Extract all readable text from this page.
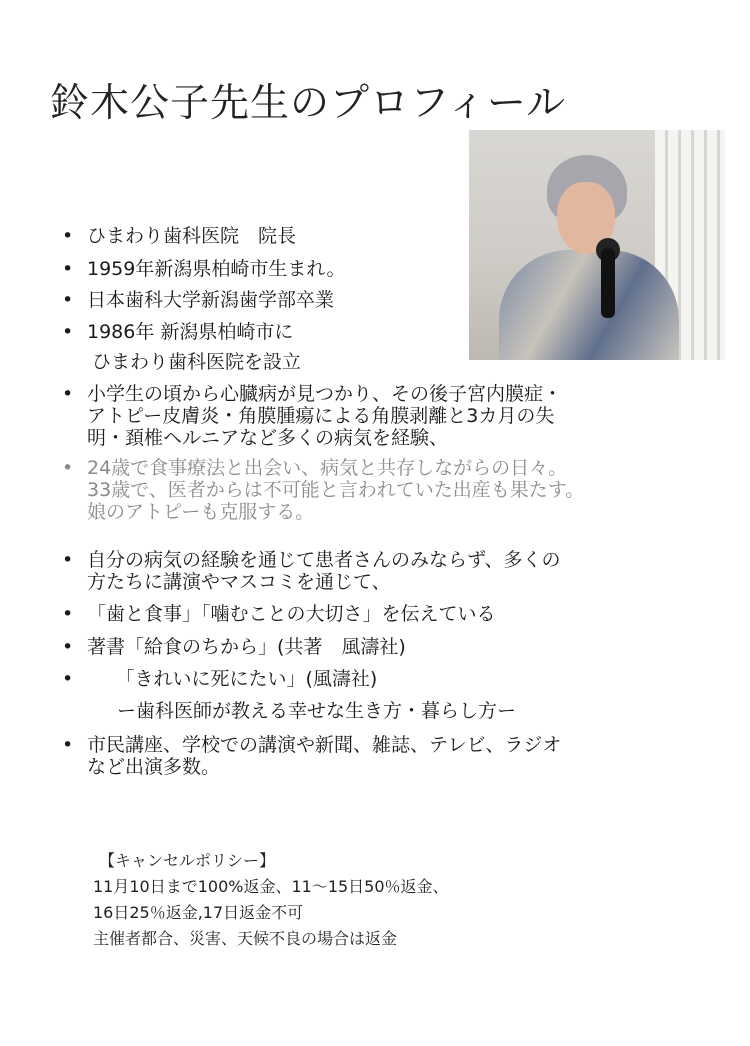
鈴木公子先生のプロフィール
• ひまわり歯科医院　院長
• 1959年新潟県柏崎市生まれ。
• 日本歯科大学新潟歯学部卒業
• 1986年 新潟県柏崎市に
ひまわり歯科医院を設立
• 小学生の頃から心臓病が見つかり、その後子宮内膜症・
アトピー皮膚炎・角膜腫瘍による角膜剥離と3カ月の失
明・頚椎ヘルニアなど多くの病気を経験、
• 24歳で食事療法と出会い、病気と共存しながらの日々。
33歳で、医者からは不可能と言われていた出産も果たす。
娘のアトピーも克服する。
• 自分の病気の経験を通じて患者さんのみならず、多くの
方たちに講演やマスコミを通じて、
• 「歯と食事」「噛むことの大切さ」を伝えている
• 著書「給食のちから」(共著　風濤社)
• 　　「きれいに死にたい」(風濤社)
　ー歯科医師が教える幸せな生き方・暮らし方ー
• 市民講座、学校での講演や新聞、雑誌、テレビ、ラジオ
など出演多数。
【キャンセルポリシー】
11月10日まで100%返金、11～15日50％返金、
16日25％返金,17日返金不可
主催者都合、災害、天候不良の場合は返金
